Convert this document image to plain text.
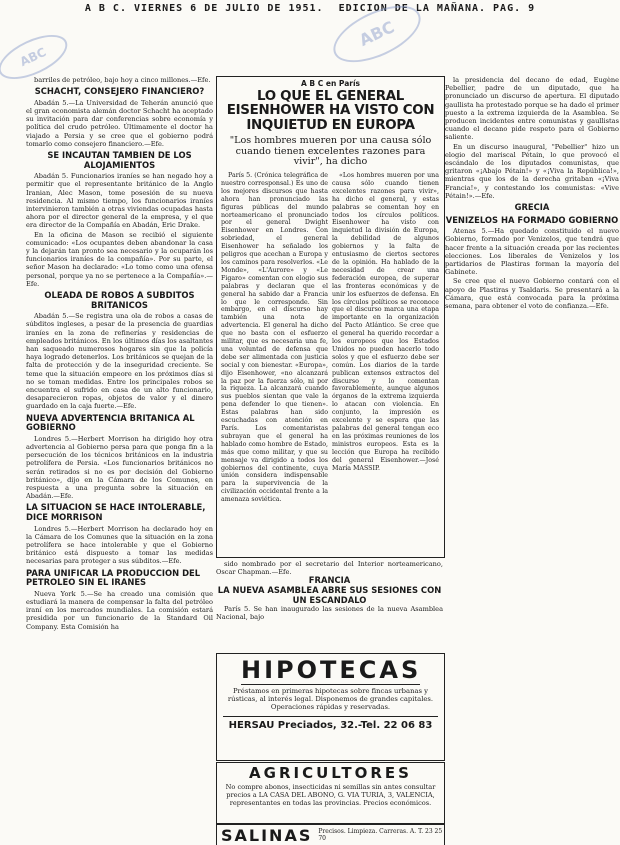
A B C. VIERNES 6 DE JULIO DE 1951. EDICION DE LA MAÑANA. PAG. 9
ABC
ABC

barriles de petróleo, bajo hoy a cinco millones.—Efe.

SCHACHT, CONSEJERO FINANCIERO?

Abadán 5.—La Universidad de Teherán anunció que el gran economista alemán doctor Schacht ha aceptado su invitación para dar conferencias sobre economía y política del crudo petróleo. Últimamente el doctor ha viajado a Persia y se cree que el gobierno podrá tomarlo como consejero financiero.—Efe.

SE INCAUTAN TAMBIEN DE LOS ALOJAMIENTOS

Abadán 5. Funcionarios iraníes se han negado hoy a permitir que el representante británico de la Anglo Iranian, Alec Mason, tome posesión de su nueva residencia. Al mismo tiempo, los funcionarios iraníes intervinieron también a otras viviendas ocupadas hasta ahora por el director general de la empresa, y el que era director de la Compañía en Abadán, Eric Drake.

En la oficina de Mason se recibió el siguiente comunicado: «Los ocupantes deben abandonar la casa y la dejarán tan pronto sea necesario y la ocuparán los funcionarios iraníes de la compañía». Por su parte, el señor Mason ha declarado: «Lo tomo como una ofensa personal, porque ya no se pertenece a la Compañía».—Efe.

OLEADA DE ROBOS A SUBDITOS BRITANICOS

Abadán 5.—Se registra una ola de robos a casas de súbditos ingleses, a pesar de la presencia de guardias iraníes en la zona de refinerías y residencias de empleados británicos. En los últimos días los asaltantes han saqueado numerosos hogares sin que la policía haya logrado detenerlos. Los británicos se quejan de la falta de protección y de la inseguridad creciente. Se teme que la situación empeore en los próximos días si no se toman medidas. Entre los principales robos se encuentra el sufrido en casa de un alto funcionario, desaparecieron ropas, objetos de valor y el dinero guardado en la caja fuerte.—Efe.

NUEVA ADVERTENCIA BRITANICA AL GOBIERNO

Londres 5.—Herbert Morrison ha dirigido hoy otra advertencia al Gobierno persa para que ponga fin a la persecución de los técnicos británicos en la industria petrolífera de Persia. «Los funcionarios británicos no serán retirados si no es por decisión del Gobierno británico», dijo en la Cámara de los Comunes, en respuesta a una pregunta sobre la situación en Abadán.—Efe.

LA SITUACION SE HACE INTOLERABLE, DICE MORRISON

Londres 5.—Herbert Morrison ha declarado hoy en la Cámara de los Comunes que la situación en la zona petrolífera se hace intolerable y que el Gobierno británico está dispuesto a tomar las medidas necesarias para proteger a sus súbditos.—Efe.

PARA UNIFICAR LA PRODUCCION DEL PETROLEO SIN EL IRANES

Nueva York 5.—Se ha creado una comisión que estudiará la manera de compensar la falta del petróleo iraní en los mercados mundiales. La comisión estará presidida por un funcionario de la Standard Oil Company. Esta Comisión ha

A B C en París
LO QUE EL GENERAL EISENHOWER HA VISTO CON INQUIETUD EN EUROPA
"Los hombres mueren por una causa sólo cuando tienen excelentes razones para vivir", ha dicho

París 5. (Crónica telegráfica de nuestro corresponsal.) Es uno de los mejores discursos que hasta ahora han pronunciado las figuras públicas del mundo norteamericano el pronunciado por el general Dwight Eisenhower en Londres. Con sobriedad, el general Eisenhower ha señalado los peligros que acechan a Europa y los caminos para resolverlos. «Le Monde», «L'Aurore» y «Le Figaro» comentan con elogio sus palabras y declaran que el general ha sabido dar a Francia lo que le corresponde. Sin embargo, en el discurso hay también una nota de advertencia. El general ha dicho que no basta con el esfuerzo militar, que es necesaria una fe, una voluntad de defensa que debe ser alimentada con justicia social y con bienestar. «Europa», dijo Eisenhower, «no alcanzará la paz por la fuerza sólo, ni por la riqueza. La alcanzará cuando sus pueblos sientan que vale la pena defender lo que tienen». Estas palabras han sido escuchadas con atención en París. Los comentaristas subrayan que el general ha hablado como hombre de Estado, más que como militar, y que su mensaje va dirigido a todos los gobiernos del continente, cuya unión considera indispensable para la supervivencia de la civilización occidental frente a la amenaza soviética.

«Los hombres mueren por una causa sólo cuando tienen excelentes razones para vivir», ha dicho el general, y estas palabras se comentan hoy en todos los círculos políticos. Eisenhower ha visto con inquietud la división de Europa, la debilidad de algunos gobiernos y la falta de entusiasmo de ciertos sectores de la opinión. Ha hablado de la necesidad de crear una federación europea, de superar las fronteras económicas y de unir los esfuerzos de defensa. En los círculos políticos se reconoce que el discurso marca una etapa importante en la organización del Pacto Atlántico. Se cree que el general ha querido recordar a los europeos que los Estados Unidos no pueden hacerlo todo solos y que el esfuerzo debe ser común. Los diarios de la tarde publican extensos extractos del discurso y lo comentan favorablemente, aunque algunos órganos de la extrema izquierda lo atacan con violencia. En conjunto, la impresión es excelente y se espera que las palabras del general tengan eco en las próximas reuniones de los ministros europeos. Esta es la lección que Europa ha recibido del general Eisenhower.—José María MASSIP.

sido nombrado por el secretario del Interior norteamericano, Oscar Chapman.—Efe.

FRANCIA
LA NUEVA ASAMBLEA ABRE SUS SESIONES CON UN ESCANDALO

París 5. Se han inaugurado las sesiones de la nueva Asamblea Nacional, bajo

HIPOTECAS
Préstamos en primeras hipotecas sobre fincas urbanas y rústicas, al interés legal. Disponemos de grandes capitales. Operaciones rápidas y reservadas.
HERSAU Preciados, 32.-Tel. 22 06 83
AGRICULTORES
No compre abonos, insecticidas ni semillas sin antes consultar precios a LA CASA DEL ABONO, G. VIA TURIA, 3, VALENCIA, representantes en todas las provincias. Precios económicos.
SALINAS	Precisos. Limpieza. Carreras. A. T. 23 25 70

la presidencia del decano de edad, Eugène Pebellier, padre de un diputado, que ha pronunciado un discurso de apertura. El diputado gaullista ha protestado porque se ha dado el primer puesto a la extrema izquierda de la Asamblea. Se producen incidentes entre comunistas y gaullistas cuando el decano pide respeto para el Gobierno saliente.

En un discurso inaugural, "Pebellier" hizo un elogio del mariscal Pétain, lo que provocó el escándalo de los diputados comunistas, que gritaron «¡Abajo Pétain!» y «¡Viva la República!», mientras que los de la derecha gritaban «¡Viva Francia!», y contestando los comunistas: «Vive Pétain!».—Efe.

GRECIA
VENIZELOS HA FORMADO GOBIERNO

Atenas 5.—Ha quedado constituido el nuevo Gobierno, formado por Venizelos, que tendrá que hacer frente a la situación creada por las recientes elecciones. Los liberales de Venizelos y los partidarios de Plastiras forman la mayoría del Gabinete.

Se cree que el nuevo Gobierno contará con el apoyo de Plastiras y Tsaldaris. Se presentará a la Cámara, que está convocada para la próxima semana, para obtener el voto de confianza.—Efe.
